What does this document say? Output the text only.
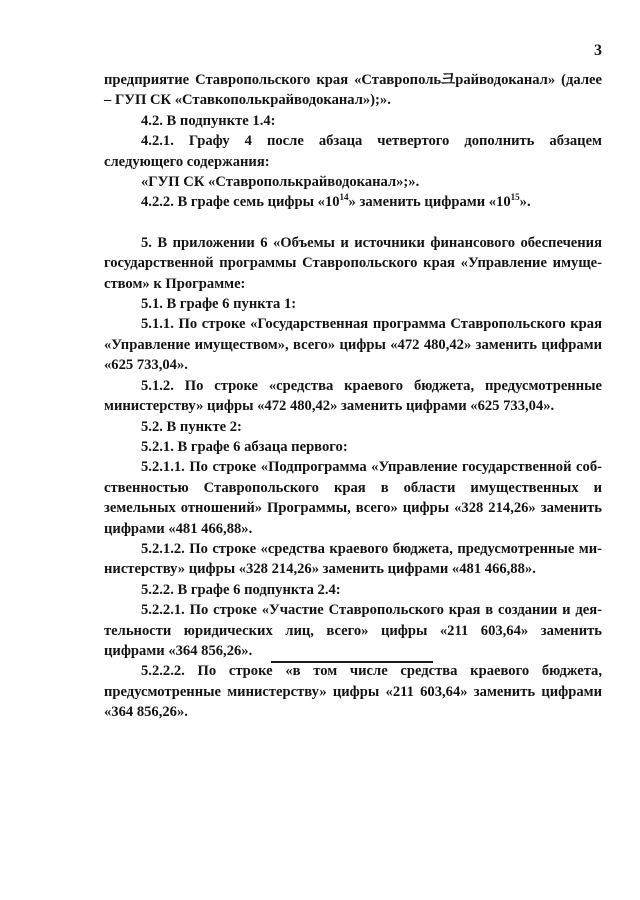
3

предприятие Ставропольского края «Ставрополь크райводоканал» (далее – ГУП СК «Ставкополькрайводоканал»);».

4.2. В подпункте 1.4:

4.2.1. Графу 4 после абзаца четвертого дополнить абзацем следующего содержания:

«ГУП СК «Ставрополькрайводоканал»;».

4.2.2. В графе семь цифры «$10^{14}$» заменить цифрами «$10^{15}$».

5. В приложении 6 «Объемы и источники финансового обеспечения государственной программы Ставропольского края «Управление имуществом» к Программе:

5.1. В графе 6 пункта 1:

5.1.1. По строке «Государственная программа Ставропольского края «Управление имуществом», всего» цифры «472 480,42» заменить цифрами «625 733,04».

5.1.2. По строке «средства краевого бюджета, предусмотренные министерству» цифры «472 480,42» заменить цифрами «625 733,04».

5.2. В пункте 2:

5.2.1. В графе 6 абзаца первого:

5.2.1.1. По строке «Подпрограмма «Управление государственной собственностью Ставропольского края в области имущественных и земельных отношений» Программы, всего» цифры «328 214,26» заменить цифрами «481 466,88».

5.2.1.2. По строке «средства краевого бюджета, предусмотренные министерству» цифры «328 214,26» заменить цифрами «481 466,88».

5.2.2. В графе 6 подпункта 2.4:

5.2.2.1. По строке «Участие Ставропольского края в создании и деятельности юридических лиц, всего» цифры «211 603,64» заменить цифрами «364 856,26».

5.2.2.2. По строке «в том числе средства краевого бюджета, предусмотренные министерству» цифры «211 603,64» заменить цифрами «364 856,26».
